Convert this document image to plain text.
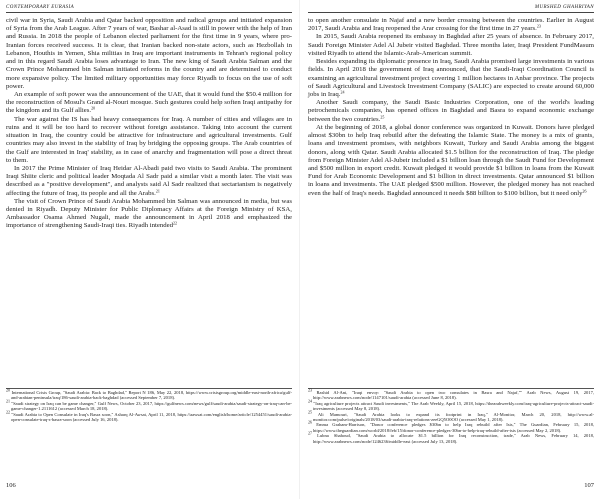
CONTEMPORARY EURASIA

civil war in Syria, Saudi Arabia and Qatar backed opposition and radical groups and initiated expansion of Syria from the Arab League. After 7 years of war, Bashar al-Asad is still in power with the help of Iran and Russia. In 2018 the people of Lebanon elected parliament for the first time in 9 years, where pro-Iranian forces received success. It is clear, that Iranian backed non-state actors, such as Hezbollah in Lebanon, Houthis in Yemen, Shia militias in Iraq are important instruments in Tehran's regional policy and in this regard Saudi Arabia loses advantage to Iran. The new king of Saudi Arabia Salman and the Crown Prince Mohammed bin Salman initiated reforms in the country and are determined to conduct more expansive policy. The limited military opportunities may force Riyadh to focus on the use of soft power.

An example of soft power was the announcement of the UAE, that it would fund the $50.4 million for the reconstruction of Mosul's Grand al-Nouri mosque. Such gestures could help soften Iraqi antipathy for the kingdom and its Gulf allies.$^{20}$

The war against the IS has had heavy consequences for Iraq. A number of cities and villages are in ruins and it will be too hard to recover without foreign assistance. Taking into account the current situation in Iraq, the country could be attractive for infrastructure and agricultural investments. Gulf countries may also invest in the stability of Iraq by bridging the opposing groups. The Arab countries of the Gulf are interested in Iraq' stability, as in case of anarchy and fragmentation will pose a direct threat to them.

In 2017 the Prime Minister of Iraq Heidar Al-Abadi paid two visits to Saudi Arabia. The prominent Iraqi Shiite cleric and political leader Moqtada Al Sadr paid a similar visit a month later. The visit was described as a "positive development", and analysts said Al Sadr realized that sectarianism is negatively affecting the future of Iraq, its people and all the Arabs.$^{21}$

The visit of Crown Prince of Saudi Arabia Mohammed bin Salman was announced in media, but was denied in Riyadh. Deputy Minister for Public Diplomacy Affairs at the Foreign Ministry of KSA, Ambassador Osama Ahmed Nugali, made the announcement in April 2018 and emphasized the importance of strengthening Saudi-Iraqi ties. Riyadh intended$^{22}$

$^{20}$ International Crisis Group, "Saudi Arabia: Back to Baghdad," Report N 186, May 22, 2018, https://www.crisisgroup.org/middle-east-north-africa/gulf-and-arabian-peninsula/iraq/186-saudi-arabia-back-baghdad (accessed September 7, 2018).

$^{21}$ "Saudi strategy on Iraq can be game changer," Gulf News, October 23, 2017, https://gulfnews.com/news/gulf/saudi-arabia/saudi-strategy-on-iraq-can-be-game-changer-1.2111612 (accessed March 18, 2018).

$^{22}$ "Saudi Arabia to Open Consulate in Iraq's Basra soon," Asharq Al-Awsat, April 11, 2018, https://aawsat.com/english/home/article/1254451/saudi-arabia-open-consulate-iraq-s-basra-soon (accessed July 16, 2018).

106
MURSHED GHAHRIYAN

to open another consulate in Najaf and a new border crossing between the countries. Earlier in August 2017, Saudi Arabia and Iraq reopened the Arar crossing for the first time in 27 years.$^{23}$

In 2015, Saudi Arabia reopened its embassy in Baghdad after 25 years of absence. In February 2017, Saudi Foreign Minister Adel Al Jubeir visited Baghdad. Three months later, Iraqi President FundMasum visited Riyadh to attend the Islamic-Arab-American summit.

Besides expanding its diplomatic presence in Iraq, Saudi Arabia promised large investments in various fields. In April 2018 the government of Iraq announced, that the Saudi-Iraqi Coordination Council is examining an agricultural investment project covering 1 million hectares in Anbar province. The projects of Saudi Agricultural and Livestock Investment Company (SALIC) are expected to create around 60,000 jobs in Iraq.$^{24}$

Another Saudi company, the Saudi Basic Industries Corporation, one of the world's leading petrochemicals companies, has opened offices in Baghdad and Basra to expand economic exchange between the two countries.$^{25}$

At the beginning of 2018, a global donor conference was organized in Kuwait. Donors have pledged almost $30bn to help Iraq rebuild after the defeating the Islamic State. The money is a mix of grants, loans and investment promises, with neighbors Kuwait, Turkey and Saudi Arabia among the biggest donors, along with Qatar. Saudi Arabia allocated $1.5 billion for the reconstruction of Iraq. The pledge from Foreign Minister Adel Al-Jubeir included a $1 billion loan through the Saudi Fund for Development and $500 million in export credit. Kuwait pledged it would provide $1 billion in loans from the Kuwait Fund for Arab Economic Development and $1 billion in direct investments. Qatar announced $1 billion in loans and investments. The UAE pledged $500 million. However, the pledged money has not reached even the half of Iraq's needs. Baghdad announced it needs $88 billion to $100 billion, but it need only$^{26}$

$^{23}$ Rashid Al-Ani, "Iraqi envoy: "Saudi Arabia to open two consulates in Basra and Najaf,"" Arab News, August 19, 2017, http://www.arabnews.com/node/1147101/saudi-arabia (accessed June 8, 2018).

$^{24}$ "Iraq agriculture projects attract Saudi investments," The Arab Weekly, April 15, 2018, https://thearabweekly.com/iraq-agriculture-projects-attract-saudi-investments (accessed May 8, 2018).

$^{25}$ Ali Mamouri, "Saudi Arabia looks to expand its footprint in Iraq," Al-Monitor, March 20, 2018, http://www.al-monitor.com/pulse/originals/2018/03/saudi-arabia-iraq-relations-zeeGQ5O0OO (accessed May 1, 2018).

$^{26}$ Emma Graham-Harrison, "Donor conference pledges $30bn to help Iraq rebuild after Isis," The Guardian, February 15, 2018, https://www.theguardian.com/world/2018/feb/15/donor-conference-pledges-30bn-to-help-iraq-rebuild-after-isis (accessed May 2, 2018).

$^{27}$ Lubna Shahoud, "Saudi Arabia to allocate $1.5 billion for Iraq reconstruction, trade," Arab News, February 14, 2018, http://www.arabnews.com/node/1246236/middle-east (accessed July 13, 2018).

107
